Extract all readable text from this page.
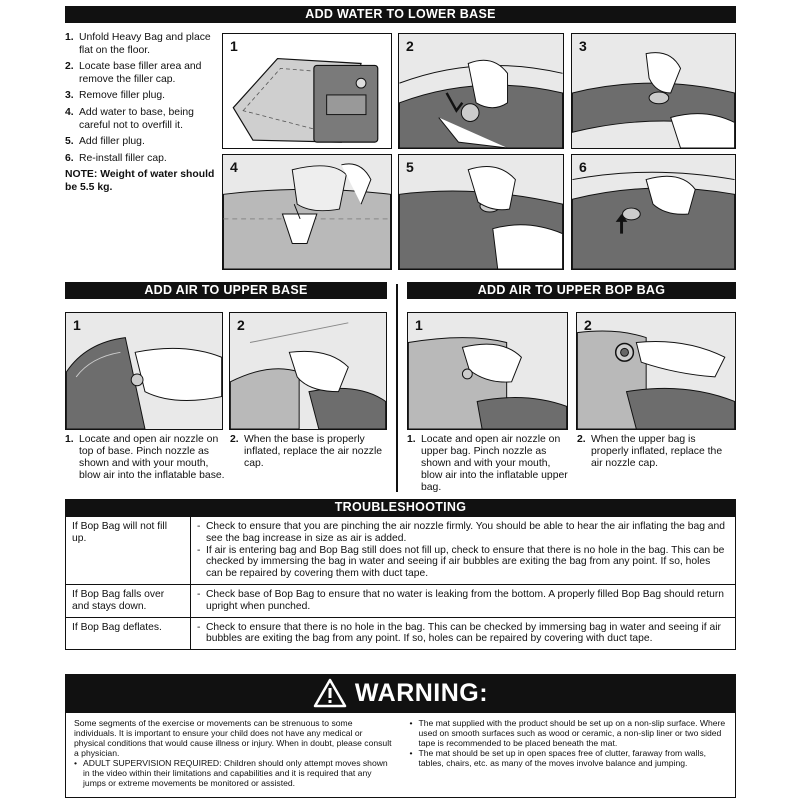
ADD WATER TO LOWER BASE
1. Unfold Heavy Bag and place flat on the floor.
2. Locate base filler area and remove the filler cap.
3. Remove filler plug.
4. Add water to base, being careful not to overfill it.
5. Add filler plug.
6. Re-install filler cap.
NOTE: Weight of water should be 5.5 kg.
1	2	3
4	5	6
ADD AIR TO UPPER BASE	ADD AIR TO UPPER BOP BAG
1	2	1	2
1. Locate and open air nozzle on top of base. Pinch nozzle as shown and with your mouth, blow air into the inflatable base.
2. When the base is properly inflated, replace the air nozzle cap.
1. Locate and open air nozzle on upper bag. Pinch nozzle as shown and with your mouth, blow air into the inflatable upper bag.
2. When the upper bag is properly inflated, replace the air nozzle cap.
TROUBLESHOOTING
If Bop Bag will not fill up.	- Check to ensure that you are pinching the air nozzle firmly. You should be able to hear the air inflating the bag and see the bag increase in size as air is added.
- If air is entering bag and Bop Bag still does not fill up, check to ensure that there is no hole in the bag. This can be checked by immersing the bag in water and seeing if air bubbles are exiting the bag from any point. If so, holes can be repaired by covering them with duct tape.

If Bop Bag falls over and stays down.	- Check base of Bop Bag to ensure that no water is leaking from the bottom. A properly filled Bop Bag should return upright when punched.

If Bop Bag deflates.	- Check to ensure that there is no hole in the bag. This can be checked by immersing bag in water and seeing if air bubbles are exiting the bag from any point. If so, holes can be repaired by covering with duct tape.
WARNING:
Some segments of the exercise or movements can be strenuous to some individuals. It is important to ensure your child does not have any medical or physical conditions that would cause illness or injury. When in doubt, please consult a physician.
• ADULT SUPERVISION REQUIRED: Children should only attempt moves shown in the video within their limitations and capabilities and it is required that any jumps or extreme movements be monitored or assisted.
• The mat supplied with the product should be set up on a non-slip surface. Where used on smooth surfaces such as wood or ceramic, a non-slip liner or two sided tape is recommended to be placed beneath the mat.
• The mat should be set up in open spaces free of clutter, faraway from walls, tables, chairs, etc. as many of the moves involve balance and jumping.
